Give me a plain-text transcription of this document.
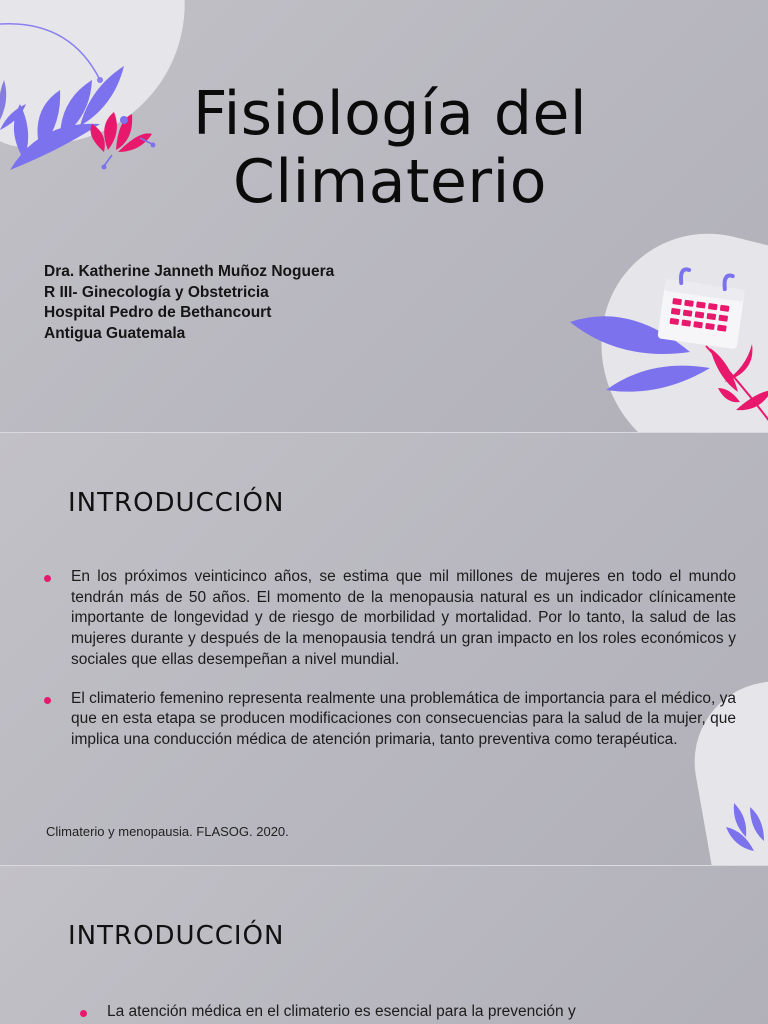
Fisiología del
Climaterio
Dra. Katherine Janneth Muñoz Noguera
R III- Ginecología y Obstetricia
Hospital Pedro de Bethancourt
Antigua Guatemala
INTRODUCCIÓN
En los próximos veinticinco años, se estima que mil millones de mujeres en todo el mundo tendrán más de 50 años. El momento de la menopausia natural es un indicador clínicamente importante de longevidad y de riesgo de morbilidad y mortalidad. Por lo tanto, la salud de las mujeres durante y después de la menopausia tendrá un gran impacto en los roles económicos y sociales que ellas desempeñan a nivel mundial.
El climaterio femenino representa realmente una problemática de importancia para el médico, ya que en esta etapa se producen modificaciones con consecuencias para la salud de la mujer, que implica una conducción médica de atención primaria, tanto preventiva como terapéutica.
Climaterio y menopausia. FLASOG. 2020.
INTRODUCCIÓN
La atención médica en el climaterio es esencial para la prevención y
